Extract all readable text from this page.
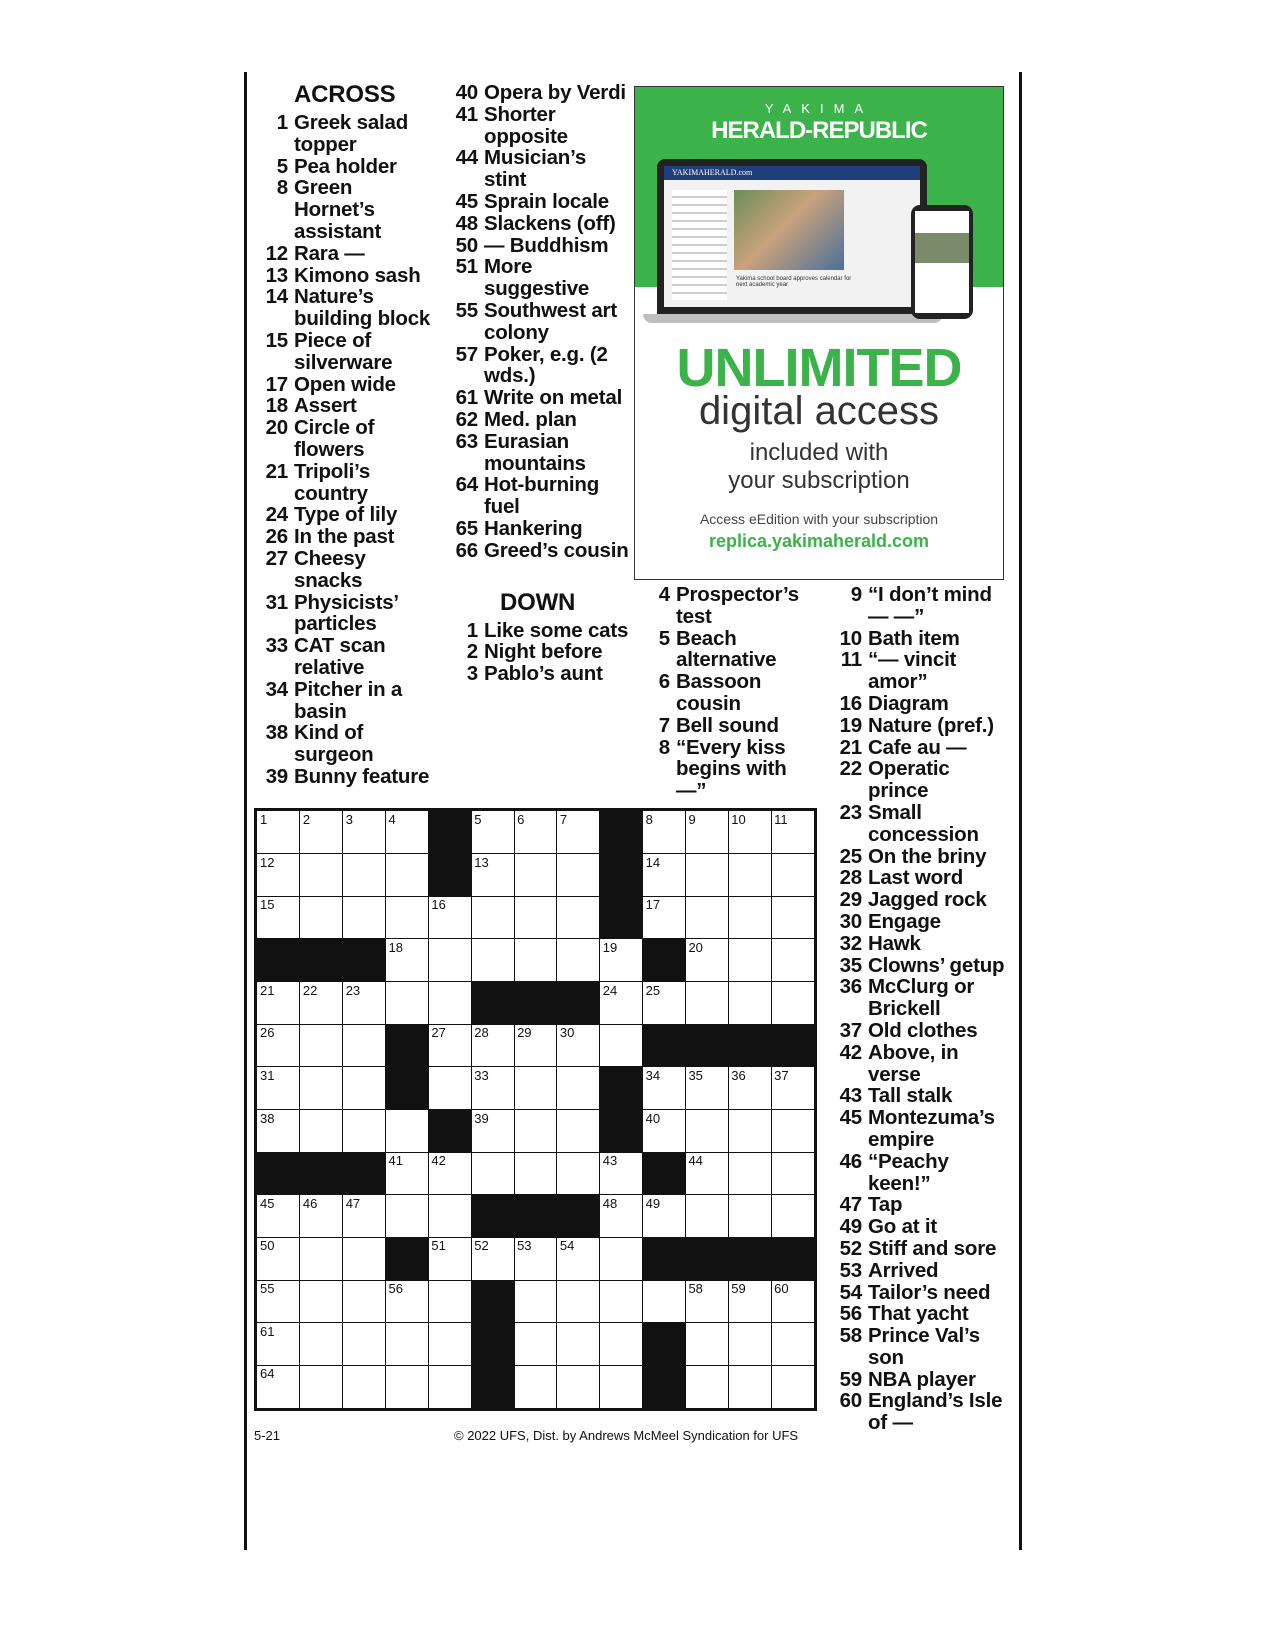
ACROSS
1 Greek salad topper
5 Pea holder
8 Green Hornet’s assistant
12 Rara —
13 Kimono sash
14 Nature’s building block
15 Piece of silverware
17 Open wide
18 Assert
20 Circle of flowers
21 Tripoli’s country
24 Type of lily
26 In the past
27 Cheesy snacks
31 Physicists’ particles
33 CAT scan relative
34 Pitcher in a basin
38 Kind of surgeon
39 Bunny feature
40 Opera by Verdi
41 Shorter opposite
44 Musician’s stint
45 Sprain locale
48 Slackens (off)
50 — Buddhism
51 More suggestive
55 Southwest art colony
57 Poker, e.g. (2 wds.)
61 Write on metal
62 Med. plan
63 Eurasian mountains
64 Hot-burning fuel
65 Hankering
66 Greed’s cousin
DOWN
1 Like some cats
2 Night before
3 Pablo’s aunt
4 Prospector’s test
5 Beach alternative
6 Bassoon cousin
7 Bell sound
8 “Every kiss begins with —”
9 “I don’t mind — —”
10 Bath item
11 “— vincit amor”
16 Diagram
19 Nature (pref.)
21 Cafe au —
22 Operatic prince
23 Small concession
25 On the briny
28 Last word
29 Jagged rock
30 Engage
32 Hawk
35 Clowns’ getup
36 McClurg or Brickell
37 Old clothes
42 Above, in verse
43 Tall stalk
45 Montezuma’s empire
46 “Peachy keen!”
47 Tap
49 Go at it
52 Stiff and sore
53 Arrived
54 Tailor’s need
56 That yacht
58 Prince Val’s son
59 NBA player
60 England’s Isle of —
YAKIMA
HERALD-REPUBLIC
YAKIMAHERALD.com
Yakima school board approves calendar for next academic year
UNLIMITED
digital access
included with
your subscription
Access eEdition with your subscription
replica.yakimaherald.com
1	2	3	4	5	6	7	8	9	10 11
12	13	14
15	16	17
18	19	20
21 22 23	24 25
26	27 28 29 30
31	33	34 35 36 37
38	39	40
41 42	43	44
45 46 47	48 49
50	51 52 53 54
55	56	58 59 60
61
64
5-21	© 2022 UFS, Dist. by Andrews McMeel Syndication for UFS
